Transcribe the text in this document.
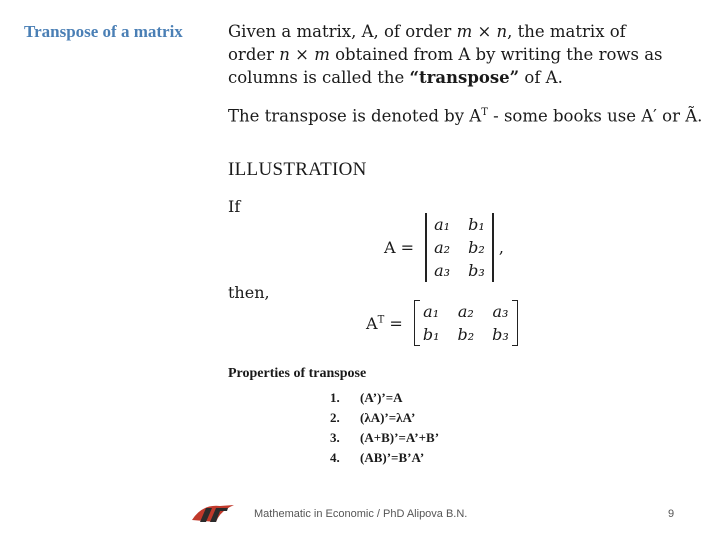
Transpose of a matrix	Given a matrix, A, of order m × n, the matrix of
order n × m obtained from A by writing the rows as
columns is called the “transpose” of A.
The transpose is denoted by $A^T$ - some books use A′ or Ã.
ILLUSTRATION
If
A =
a₁	b₁
a₂	b₂
a₃	b₃
,
then,
$A^T$ =
a₁	a₂	a₃
b₁	b₂	b₃
Properties of transpose
1. (A’)’=A
2. (λA)’=λA’
3. (A+B)’=A’+B’
4. (AB)’=B’A’
Mathematic in Economic / PhD Alipova B.N.	9
